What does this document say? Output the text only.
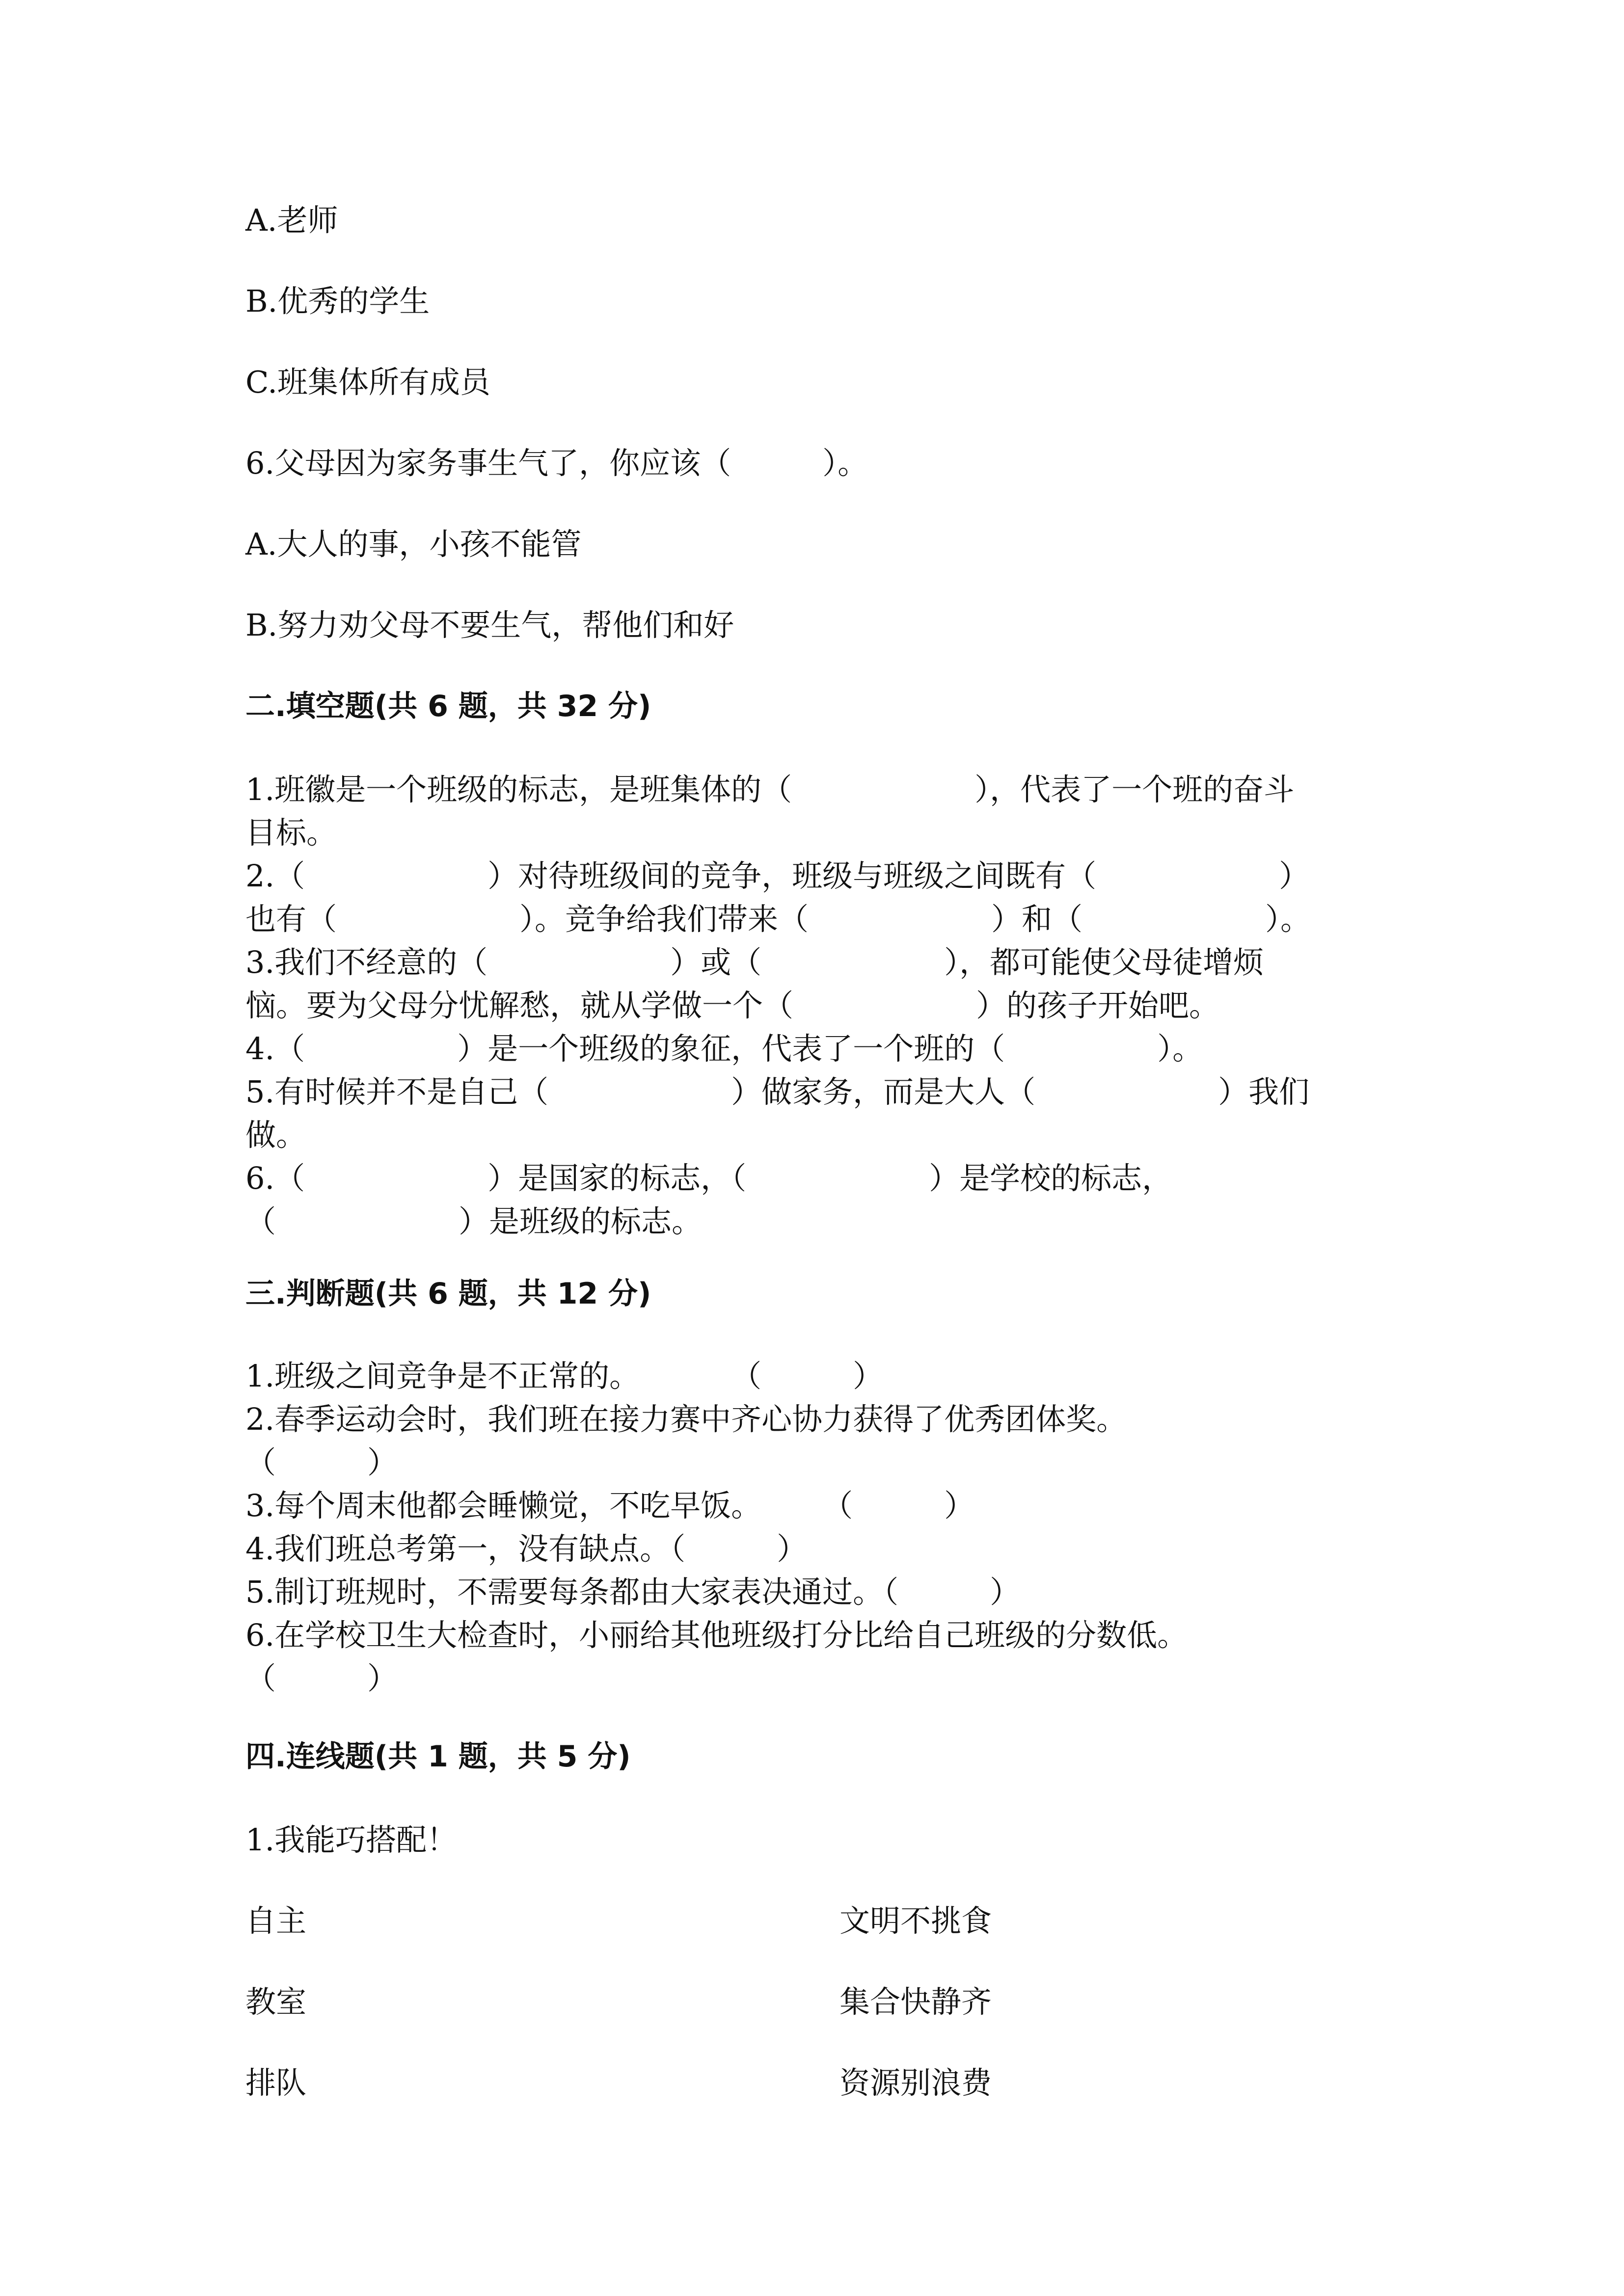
A.老师
B.优秀的学生
C.班集体所有成员
6.父母因为家务事生气了，你应该（　　　）。
A.大人的事，小孩不能管
B.努力劝父母不要生气，帮他们和好
二.填空题(共 6 题，共 32 分)
1.班徽是一个班级的标志，是班集体的（　　　　　　），代表了一个班的奋斗
目标。
2.（　　　　　　）对待班级间的竞争，班级与班级之间既有（　　　　　　）
也有（　　　　　　）。竞争给我们带来（　　　　　　）和（　　　　　　）。
3.我们不经意的（　　　　　　）或（　　　　　　），都可能使父母徒增烦
恼。要为父母分忧解愁，就从学做一个（　　　　　　）的孩子开始吧。
4.（　　　　　）是一个班级的象征，代表了一个班的（　　　　　）。
5.有时候并不是自己（　　　　　　）做家务，而是大人（　　　　　　）我们
做。
6.（　　　　　　）是国家的标志，（　　　　　　）是学校的标志，
（　　　　　　）是班级的标志。
三.判断题(共 6 题，共 12 分)
1.班级之间竞争是不正常的。　　　　（　　　）
2.春季运动会时，我们班在接力赛中齐心协力获得了优秀团体奖。
（　　　）
3.每个周末他都会睡懒觉，不吃早饭。　　　（　　　）
4.我们班总考第一，没有缺点。（　　　）
5.制订班规时，不需要每条都由大家表决通过。（　　　）
6.在学校卫生大检查时，小丽给其他班级打分比给自己班级的分数低。
（　　　）
四.连线题(共 1 题，共 5 分)
1.我能巧搭配！
自主	文明不挑食
教室	集合快静齐
排队	资源别浪费
